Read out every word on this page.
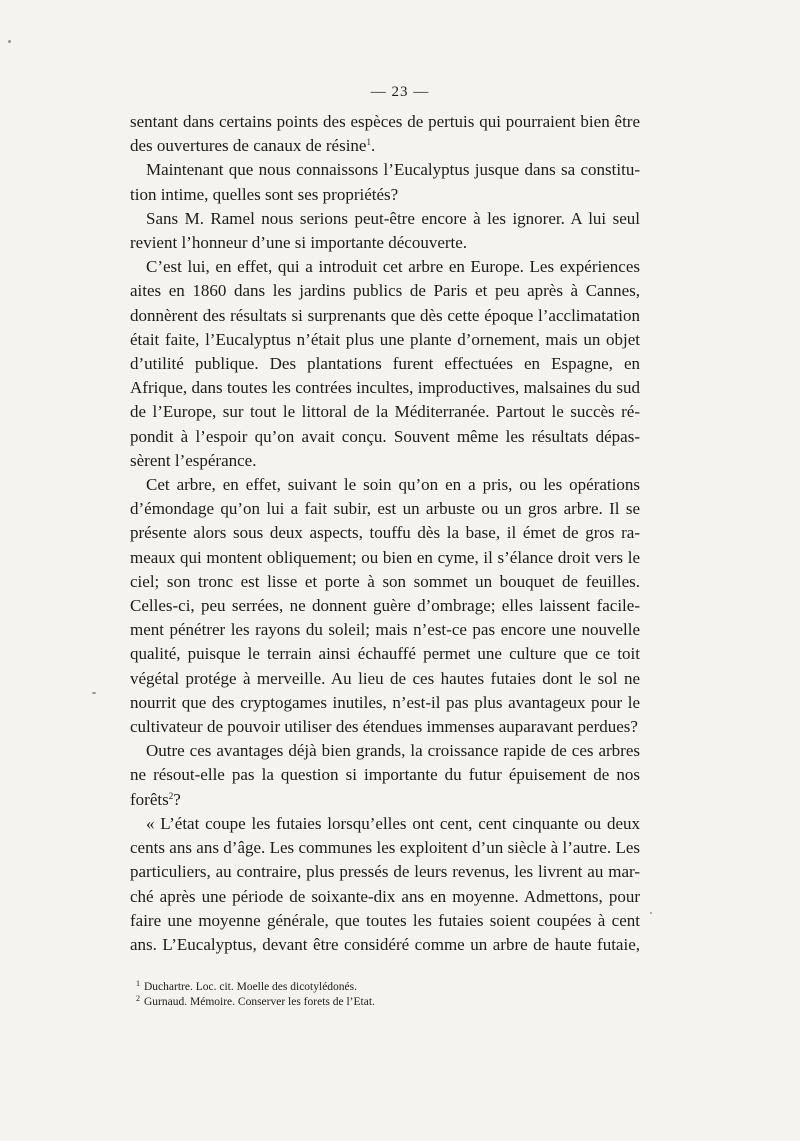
— 23 —
sentant dans certains points des espèces de pertuis qui pourraient bien être
des ouvertures de canaux de résine$^1$.
Maintenant que nous connaissons l’Eucalyptus jusque dans sa constitu-
tion intime, quelles sont ses propriétés?
Sans M. Ramel nous serions peut-être encore à les ignorer. A lui seul
revient l’honneur d’une si importante découverte.
C’est lui, en effet, qui a introduit cet arbre en Europe. Les expériences
aites en 1860 dans les jardins publics de Paris et peu après à Cannes,
donnèrent des résultats si surprenants que dès cette époque l’acclimatation
était faite, l’Eucalyptus n’était plus une plante d’ornement, mais un objet
d’utilité publique. Des plantations furent effectuées en Espagne, en
Afrique, dans toutes les contrées incultes, improductives, malsaines du sud
de l’Europe, sur tout le littoral de la Méditerranée. Partout le succès ré-
pondit à l’espoir qu’on avait conçu. Souvent même les résultats dépas-
sèrent l’espérance.
Cet arbre, en effet, suivant le soin qu’on en a pris, ou les opérations
d’émondage qu’on lui a fait subir, est un arbuste ou un gros arbre. Il se
présente alors sous deux aspects, touffu dès la base, il émet de gros ra-
meaux qui montent obliquement; ou bien en cyme, il s’élance droit vers le
ciel; son tronc est lisse et porte à son sommet un bouquet de feuilles.
Celles-ci, peu serrées, ne donnent guère d’ombrage; elles laissent facile-
ment pénétrer les rayons du soleil; mais n’est-ce pas encore une nouvelle
qualité, puisque le terrain ainsi échauffé permet une culture que ce toit
végétal protége à merveille. Au lieu de ces hautes futaies dont le sol ne
nourrit que des cryptogames inutiles, n’est-il pas plus avantageux pour le
cultivateur de pouvoir utiliser des étendues immenses auparavant perdues?
Outre ces avantages déjà bien grands, la croissance rapide de ces arbres
ne résout-elle pas la question si importante du futur épuisement de nos
forêts$^2$?
« L’état coupe les futaies lorsqu’elles ont cent, cent cinquante ou deux
cents ans ans d’âge. Les communes les exploitent d’un siècle à l’autre. Les
particuliers, au contraire, plus pressés de leurs revenus, les livrent au mar-
ché après une période de soixante-dix ans en moyenne. Admettons, pour
faire une moyenne générale, que toutes les futaies soient coupées à cent
ans. L’Eucalyptus, devant être considéré comme un arbre de haute futaie,
$^1$ Duchartre. Loc. cit. Moelle des dicotylédonés.
$^2$ Gurnaud. Mémoire. Conserver les forets de l’Etat.
